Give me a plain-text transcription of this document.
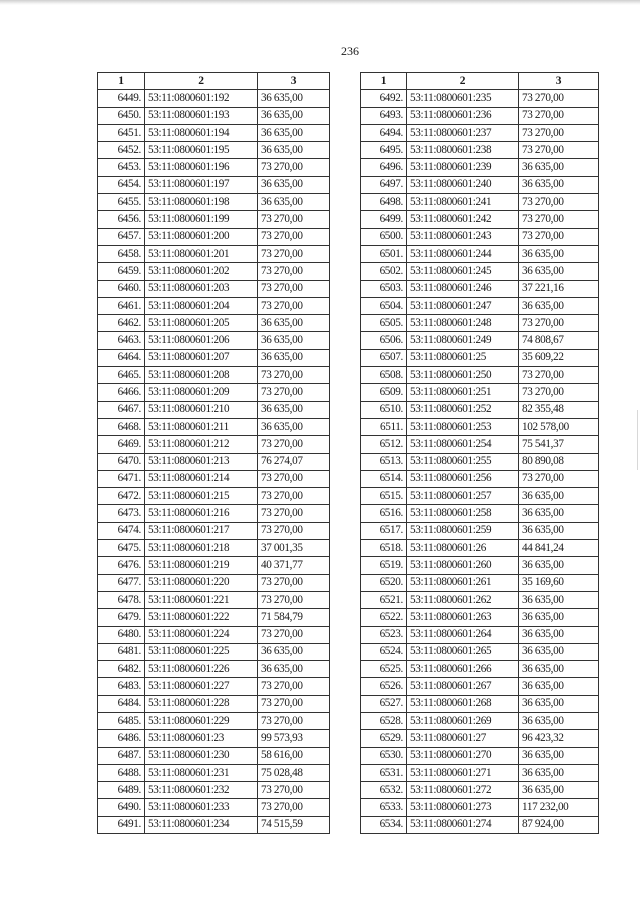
236
1	2	3
6449.	53:11:0800601:192	36 635,00
6450.	53:11:0800601:193	36 635,00
6451.	53:11:0800601:194	36 635,00
6452.	53:11:0800601:195	36 635,00
6453.	53:11:0800601:196	73 270,00
6454.	53:11:0800601:197	36 635,00
6455.	53:11:0800601:198	36 635,00
6456.	53:11:0800601:199	73 270,00
6457.	53:11:0800601:200	73 270,00
6458.	53:11:0800601:201	73 270,00
6459.	53:11:0800601:202	73 270,00
6460.	53:11:0800601:203	73 270,00
6461.	53:11:0800601:204	73 270,00
6462.	53:11:0800601:205	36 635,00
6463.	53:11:0800601:206	36 635,00
6464.	53:11:0800601:207	36 635,00
6465.	53:11:0800601:208	73 270,00
6466.	53:11:0800601:209	73 270,00
6467.	53:11:0800601:210	36 635,00
6468.	53:11:0800601:211	36 635,00
6469.	53:11:0800601:212	73 270,00
6470.	53:11:0800601:213	76 274,07
6471.	53:11:0800601:214	73 270,00
6472.	53:11:0800601:215	73 270,00
6473.	53:11:0800601:216	73 270,00
6474.	53:11:0800601:217	73 270,00
6475.	53:11:0800601:218	37 001,35
6476.	53:11:0800601:219	40 371,77
6477.	53:11:0800601:220	73 270,00
6478.	53:11:0800601:221	73 270,00
6479.	53:11:0800601:222	71 584,79
6480.	53:11:0800601:224	73 270,00
6481.	53:11:0800601:225	36 635,00
6482.	53:11:0800601:226	36 635,00
6483.	53:11:0800601:227	73 270,00
6484.	53:11:0800601:228	73 270,00
6485.	53:11:0800601:229	73 270,00
6486.	53:11:0800601:23	99 573,93
6487.	53:11:0800601:230	58 616,00
6488.	53:11:0800601:231	75 028,48
6489.	53:11:0800601:232	73 270,00
6490.	53:11:0800601:233	73 270,00
6491.	53:11:0800601:234	74 515,59
1	2	3
6492.	53:11:0800601:235	73 270,00
6493.	53:11:0800601:236	73 270,00
6494.	53:11:0800601:237	73 270,00
6495.	53:11:0800601:238	73 270,00
6496.	53:11:0800601:239	36 635,00
6497.	53:11:0800601:240	36 635,00
6498.	53:11:0800601:241	73 270,00
6499.	53:11:0800601:242	73 270,00
6500.	53:11:0800601:243	73 270,00
6501.	53:11:0800601:244	36 635,00
6502.	53:11:0800601:245	36 635,00
6503.	53:11:0800601:246	37 221,16
6504.	53:11:0800601:247	36 635,00
6505.	53:11:0800601:248	73 270,00
6506.	53:11:0800601:249	74 808,67
6507.	53:11:0800601:25	35 609,22
6508.	53:11:0800601:250	73 270,00
6509.	53:11:0800601:251	73 270,00
6510.	53:11:0800601:252	82 355,48
6511.	53:11:0800601:253	102 578,00
6512.	53:11:0800601:254	75 541,37
6513.	53:11:0800601:255	80 890,08
6514.	53:11:0800601:256	73 270,00
6515.	53:11:0800601:257	36 635,00
6516.	53:11:0800601:258	36 635,00
6517.	53:11:0800601:259	36 635,00
6518.	53:11:0800601:26	44 841,24
6519.	53:11:0800601:260	36 635,00
6520.	53:11:0800601:261	35 169,60
6521.	53:11:0800601:262	36 635,00
6522.	53:11:0800601:263	36 635,00
6523.	53:11:0800601:264	36 635,00
6524.	53:11:0800601:265	36 635,00
6525.	53:11:0800601:266	36 635,00
6526.	53:11:0800601:267	36 635,00
6527.	53:11:0800601:268	36 635,00
6528.	53:11:0800601:269	36 635,00
6529.	53:11:0800601:27	96 423,32
6530.	53:11:0800601:270	36 635,00
6531.	53:11:0800601:271	36 635,00
6532.	53:11:0800601:272	36 635,00
6533.	53:11:0800601:273	117 232,00
6534.	53:11:0800601:274	87 924,00
